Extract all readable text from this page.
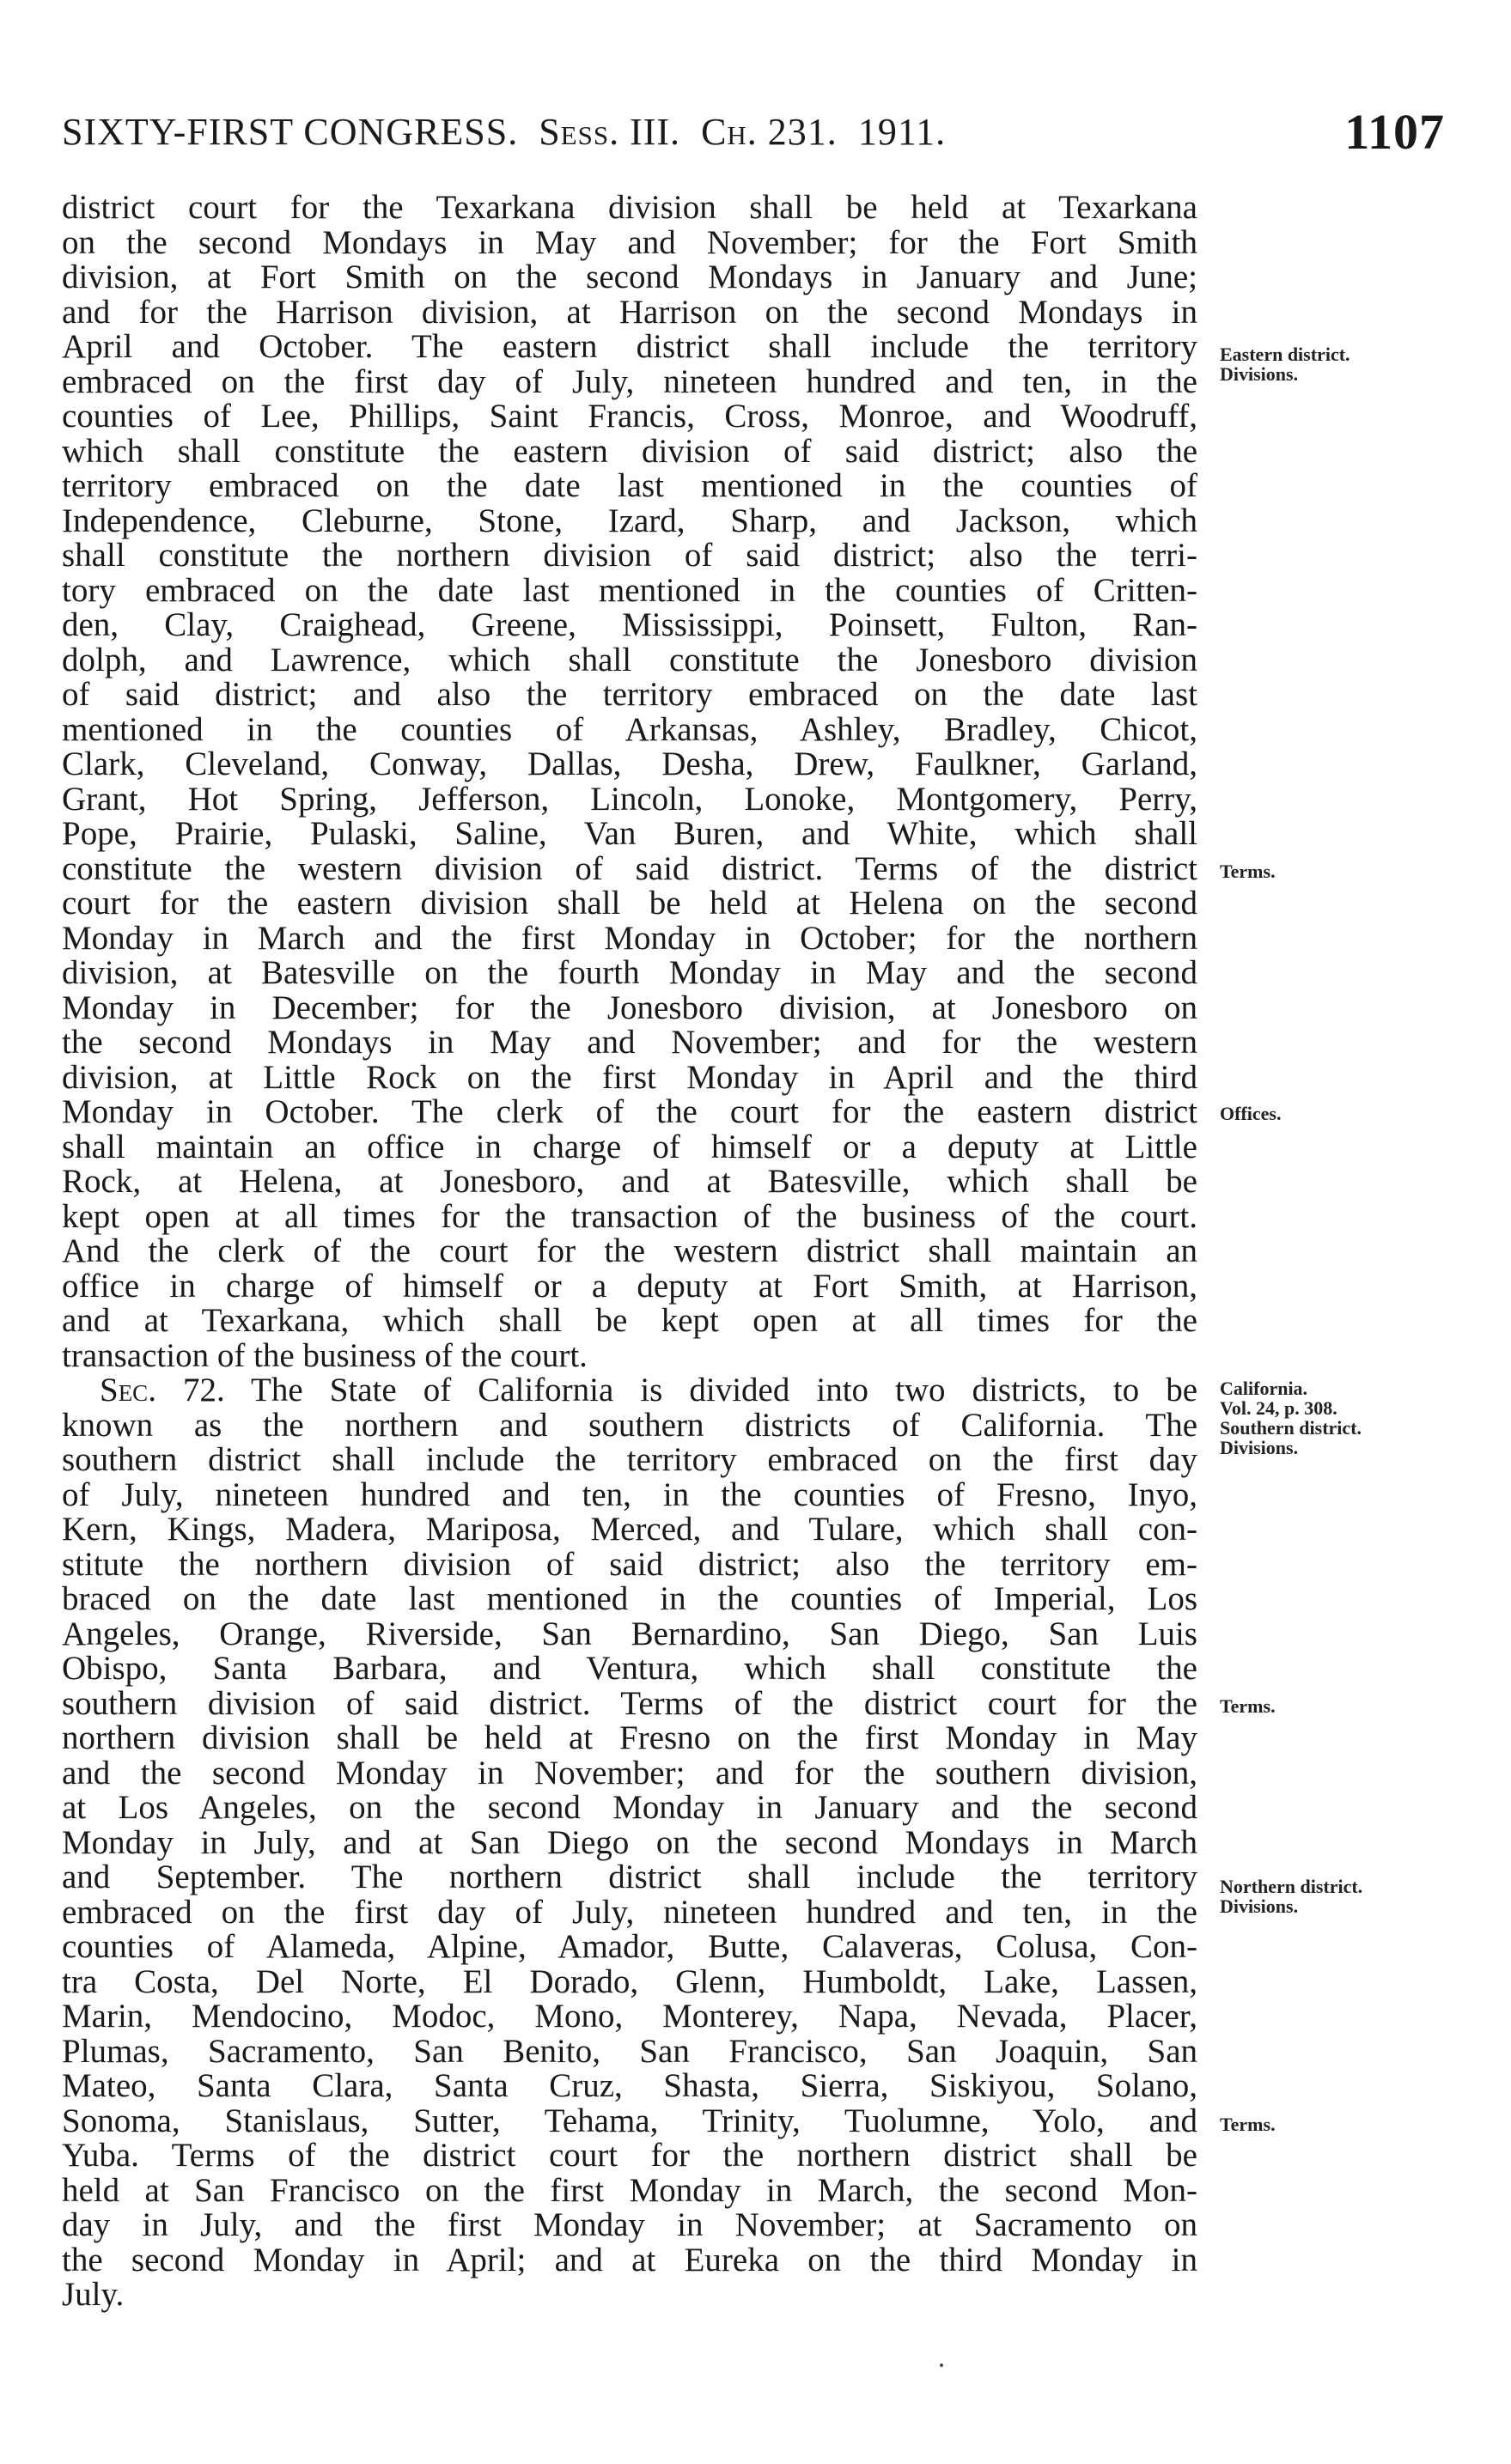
SIXTY-FIRST CONGRESS. Sess. III. Ch. 231. 1911.	1107
district court for the Texarkana division shall be held at Texarkana
on the second Mondays in May and November; for the Fort Smith
division, at Fort Smith on the second Mondays in January and June;
and for the Harrison division, at Harrison on the second Mondays in
April and October. The eastern district shall include the territory
embraced on the first day of July, nineteen hundred and ten, in the
counties of Lee, Phillips, Saint Francis, Cross, Monroe, and Woodruff,
which shall constitute the eastern division of said district; also the
territory embraced on the date last mentioned in the counties of
Independence, Cleburne, Stone, Izard, Sharp, and Jackson, which
shall constitute the northern division of said district; also the terri-
tory embraced on the date last mentioned in the counties of Critten-
den, Clay, Craighead, Greene, Mississippi, Poinsett, Fulton, Ran-
dolph, and Lawrence, which shall constitute the Jonesboro division
of said district; and also the territory embraced on the date last
mentioned in the counties of Arkansas, Ashley, Bradley, Chicot,
Clark, Cleveland, Conway, Dallas, Desha, Drew, Faulkner, Garland,
Grant, Hot Spring, Jefferson, Lincoln, Lonoke, Montgomery, Perry,
Pope, Prairie, Pulaski, Saline, Van Buren, and White, which shall
constitute the western division of said district. Terms of the district
court for the eastern division shall be held at Helena on the second
Monday in March and the first Monday in October; for the northern
division, at Batesville on the fourth Monday in May and the second
Monday in December; for the Jonesboro division, at Jonesboro on
the second Mondays in May and November; and for the western
division, at Little Rock on the first Monday in April and the third
Monday in October. The clerk of the court for the eastern district
shall maintain an office in charge of himself or a deputy at Little
Rock, at Helena, at Jonesboro, and at Batesville, which shall be
kept open at all times for the transaction of the business of the court.
And the clerk of the court for the western district shall maintain an
office in charge of himself or a deputy at Fort Smith, at Harrison,
and at Texarkana, which shall be kept open at all times for the
transaction of the business of the court.
Sec. 72. The State of California is divided into two districts, to be
known as the northern and southern districts of California. The
southern district shall include the territory embraced on the first day
of July, nineteen hundred and ten, in the counties of Fresno, Inyo,
Kern, Kings, Madera, Mariposa, Merced, and Tulare, which shall con-
stitute the northern division of said district; also the territory em-
braced on the date last mentioned in the counties of Imperial, Los
Angeles, Orange, Riverside, San Bernardino, San Diego, San Luis
Obispo, Santa Barbara, and Ventura, which shall constitute the
southern division of said district. Terms of the district court for the
northern division shall be held at Fresno on the first Monday in May
and the second Monday in November; and for the southern division,
at Los Angeles, on the second Monday in January and the second
Monday in July, and at San Diego on the second Mondays in March
and September. The northern district shall include the territory
embraced on the first day of July, nineteen hundred and ten, in the
counties of Alameda, Alpine, Amador, Butte, Calaveras, Colusa, Con-
tra Costa, Del Norte, El Dorado, Glenn, Humboldt, Lake, Lassen,
Marin, Mendocino, Modoc, Mono, Monterey, Napa, Nevada, Placer,
Plumas, Sacramento, San Benito, San Francisco, San Joaquin, San
Mateo, Santa Clara, Santa Cruz, Shasta, Sierra, Siskiyou, Solano,
Sonoma, Stanislaus, Sutter, Tehama, Trinity, Tuolumne, Yolo, and
Yuba. Terms of the district court for the northern district shall be
held at San Francisco on the first Monday in March, the second Mon-
day in July, and the first Monday in November; at Sacramento on
the second Monday in April; and at Eureka on the third Monday in
July.
Eastern district.
Divisions.
Terms.
Offices.
California.
Vol. 24, p. 308.
Southern district.
Divisions.
Terms.
Northern district.
Divisions.
Terms.
